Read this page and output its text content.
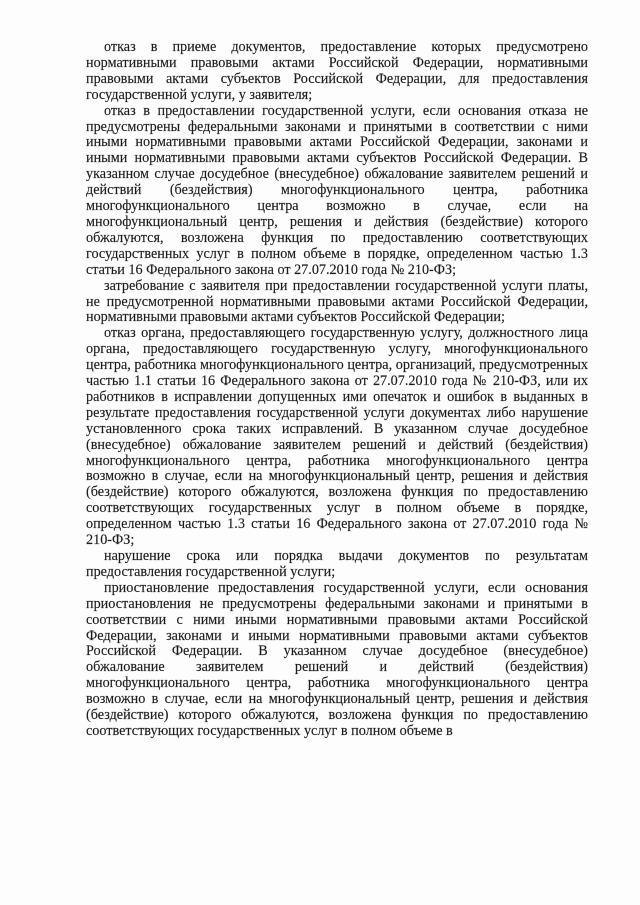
отказ в приеме документов, предоставление которых предусмотрено нормативными правовыми актами Российской Федерации, нормативными правовыми актами субъектов Российской Федерации, для предоставления государственной услуги, у заявителя;

отказ в предоставлении государственной услуги, если основания отказа не предусмотрены федеральными законами и принятыми в соответствии с ними иными нормативными правовыми актами Российской Федерации, законами и иными нормативными правовыми актами субъектов Российской Федерации. В указанном случае досудебное (внесудебное) обжалование заявителем решений и действий (бездействия) многофункционального центра, работника многофункционального центра возможно в случае, если на многофункциональный центр, решения и действия (бездействие) которого обжалуются, возложена функция по предоставлению соответствующих государственных услуг в полном объеме в порядке, определенном частью 1.3 статьи 16 Федерального закона от 27.07.2010 года № 210-ФЗ;

затребование с заявителя при предоставлении государственной услуги платы, не предусмотренной нормативными правовыми актами Российской Федерации, нормативными правовыми актами субъектов Российской Федерации;

отказ органа, предоставляющего государственную услугу, должностного лица органа, предоставляющего государственную услугу, многофункционального центра, работника многофункционального центра, организаций, предусмотренных частью 1.1 статьи 16 Федерального закона от 27.07.2010 года № 210-ФЗ, или их работников в исправлении допущенных ими опечаток и ошибок в выданных в результате предоставления государственной услуги документах либо нарушение установленного срока таких исправлений. В указанном случае досудебное (внесудебное) обжалование заявителем решений и действий (бездействия) многофункционального центра, работника многофункционального центра возможно в случае, если на многофункциональный центр, решения и действия (бездействие) которого обжалуются, возложена функция по предоставлению соответствующих государственных услуг в полном объеме в порядке, определенном частью 1.3 статьи 16 Федерального закона от 27.07.2010 года № 210-ФЗ;

нарушение срока или порядка выдачи документов по результатам предоставления государственной услуги;

приостановление предоставления государственной услуги, если основания приостановления не предусмотрены федеральными законами и принятыми в соответствии с ними иными нормативными правовыми актами Российской Федерации, законами и иными нормативными правовыми актами субъектов Российской Федерации. В указанном случае досудебное (внесудебное) обжалование заявителем решений и действий (бездействия) многофункционального центра, работника многофункционального центра возможно в случае, если на многофункциональный центр, решения и действия (бездействие) которого обжалуются, возложена функция по предоставлению соответствующих государственных услуг в полном объеме в
